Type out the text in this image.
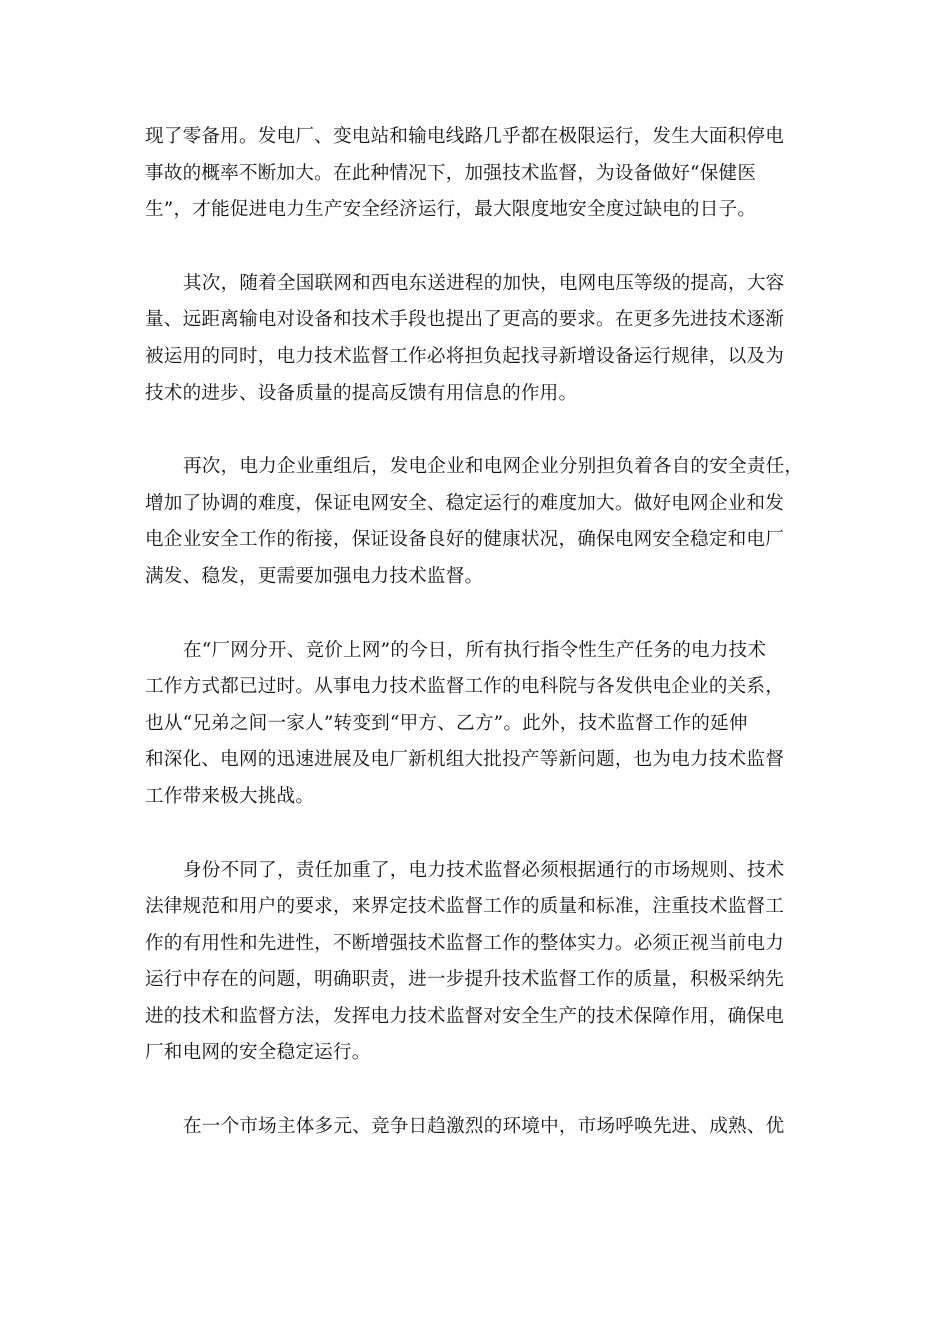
现了零备用。发电厂、变电站和输电线路几乎都在极限运行，发生大面积停电
事故的概率不断加大。在此种情况下，加强技术监督，为设备做好“保健医
生”，才能促进电力生产安全经济运行，最大限度地安全度过缺电的日子。

其次，随着全国联网和西电东送进程的加快，电网电压等级的提高，大容
量、远距离输电对设备和技术手段也提出了更高的要求。在更多先进技术逐渐
被运用的同时，电力技术监督工作必将担负起找寻新增设备运行规律，以及为
技术的进步、设备质量的提高反馈有用信息的作用。

再次，电力企业重组后，发电企业和电网企业分别担负着各自的安全责任，
增加了协调的难度，保证电网安全、稳定运行的难度加大。做好电网企业和发
电企业安全工作的衔接，保证设备良好的健康状况，确保电网安全稳定和电厂
满发、稳发，更需要加强电力技术监督。

在“厂网分开、竞价上网”的今日，所有执行指令性生产任务的电力技术
工作方式都已过时。从事电力技术监督工作的电科院与各发供电企业的关系，
也从“兄弟之间一家人”转变到“甲方、乙方”。此外，技术监督工作的延伸
和深化、电网的迅速进展及电厂新机组大批投产等新问题，也为电力技术监督
工作带来极大挑战。

身份不同了，责任加重了，电力技术监督必须根据通行的市场规则、技术
法律规范和用户的要求，来界定技术监督工作的质量和标准，注重技术监督工
作的有用性和先进性，不断增强技术监督工作的整体实力。必须正视当前电力
运行中存在的问题，明确职责，进一步提升技术监督工作的质量，积极采纳先
进的技术和监督方法，发挥电力技术监督对安全生产的技术保障作用，确保电
厂和电网的安全稳定运行。

在一个市场主体多元、竞争日趋激烈的环境中，市场呼唤先进、成熟、优
